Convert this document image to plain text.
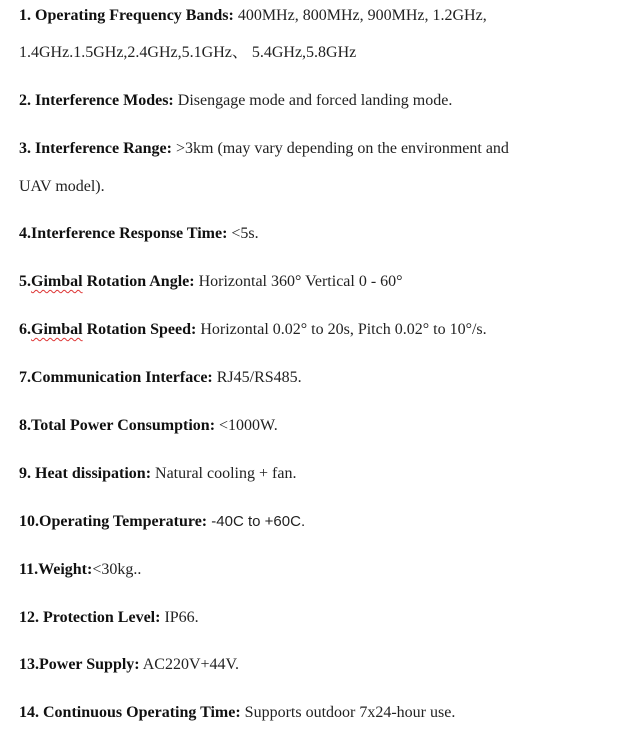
1. Operating Frequency Bands: 400MHz, 800MHz, 900MHz, 1.2GHz,
1.4GHz.1.5GHz,2.4GHz,5.1GHz、 5.4GHz,5.8GHz
2. Interference Modes: Disengage mode and forced landing mode.
3. Interference Range: >3km (may vary depending on the environment and
UAV model).
4.Interference Response Time: <5s.
5.Gimbal Rotation Angle: Horizontal 360° Vertical 0 - 60°
6.Gimbal Rotation Speed: Horizontal 0.02° to 20s, Pitch 0.02° to 10°/s.
7.Communication Interface: RJ45/RS485.
8.Total Power Consumption: <1000W.
9. Heat dissipation: Natural cooling + fan.
10.Operating Temperature: -40C to +60C.
11.Weight:<30kg..
12. Protection Level: IP66.
13.Power Supply: AC220V+44V.
14. Continuous Operating Time: Supports outdoor 7x24-hour use.
